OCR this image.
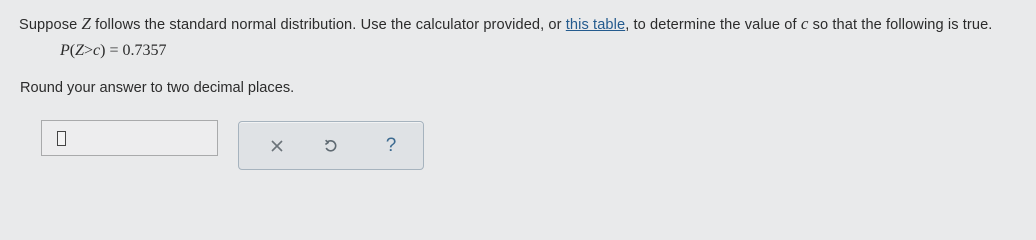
Suppose Z follows the standard normal distribution. Use the calculator provided, or this table, to determine the value of c so that the following is true.
P(Z>c) = 0.7357
Round your answer to two decimal places.
?
